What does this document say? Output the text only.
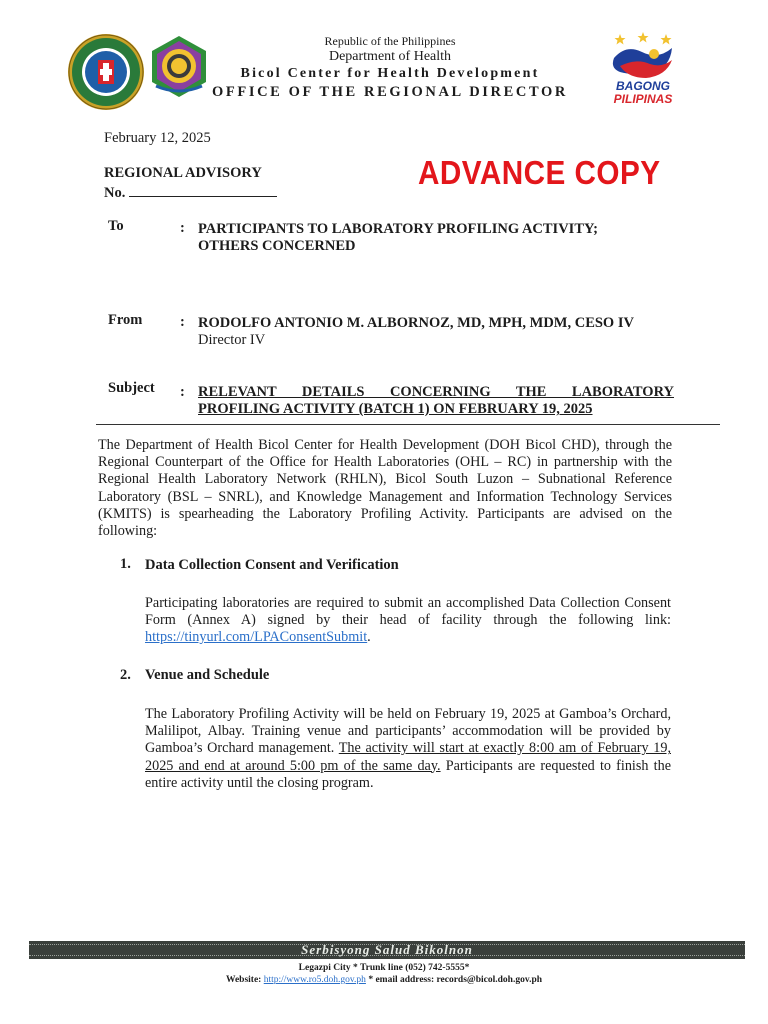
BAGONG
PILIPINAS
Republic of the Philippines
Department of Health
Bicol Center for Health Development
OFFICE OF THE REGIONAL DIRECTOR
February 12, 2025
REGIONAL ADVISORY
No.
ADVANCE COPY
To	: PARTICIPANTS TO LABORATORY PROFILING ACTIVITY;
OTHERS CONCERNED
From	: RODOLFO ANTONIO M. ALBORNOZ, MD, MPH, MDM, CESO IV
Director IV
Subject : RELEVANT DETAILS CONCERNING THE LABORATORY
PROFILING ACTIVITY (BATCH 1) ON FEBRUARY 19, 2025
The Department of Health Bicol Center for Health Development (DOH Bicol CHD), through the Regional Counterpart of the Office for Health Laboratories (OHL – RC) in partnership with the Regional Health Laboratory Network (RHLN), Bicol South Luzon – Subnational Reference Laboratory (BSL – SNRL), and Knowledge Management and Information Technology Services (KMITS) is spearheading the Laboratory Profiling Activity. Participants are advised on the following:
1. Data Collection Consent and Verification
Participating laboratories are required to submit an accomplished Data Collection Consent Form (Annex A) signed by their head of facility through the following link: https://tinyurl.com/LPAConsentSubmit.
2. Venue and Schedule
The Laboratory Profiling Activity will be held on February 19, 2025 at Gamboa’s Orchard, Malilipot, Albay. Training venue and participants’ accommodation will be provided by Gamboa’s Orchard management. The activity will start at exactly 8:00 am of February 19, 2025 and end at around 5:00 pm of the same day. Participants are requested to finish the entire activity until the closing program.
Serbisyong Salud Bikolnon
Legazpi City * Trunk line (052) 742-5555*
Website: http://www.ro5.doh.gov.ph * email address: records@bicol.doh.gov.ph
